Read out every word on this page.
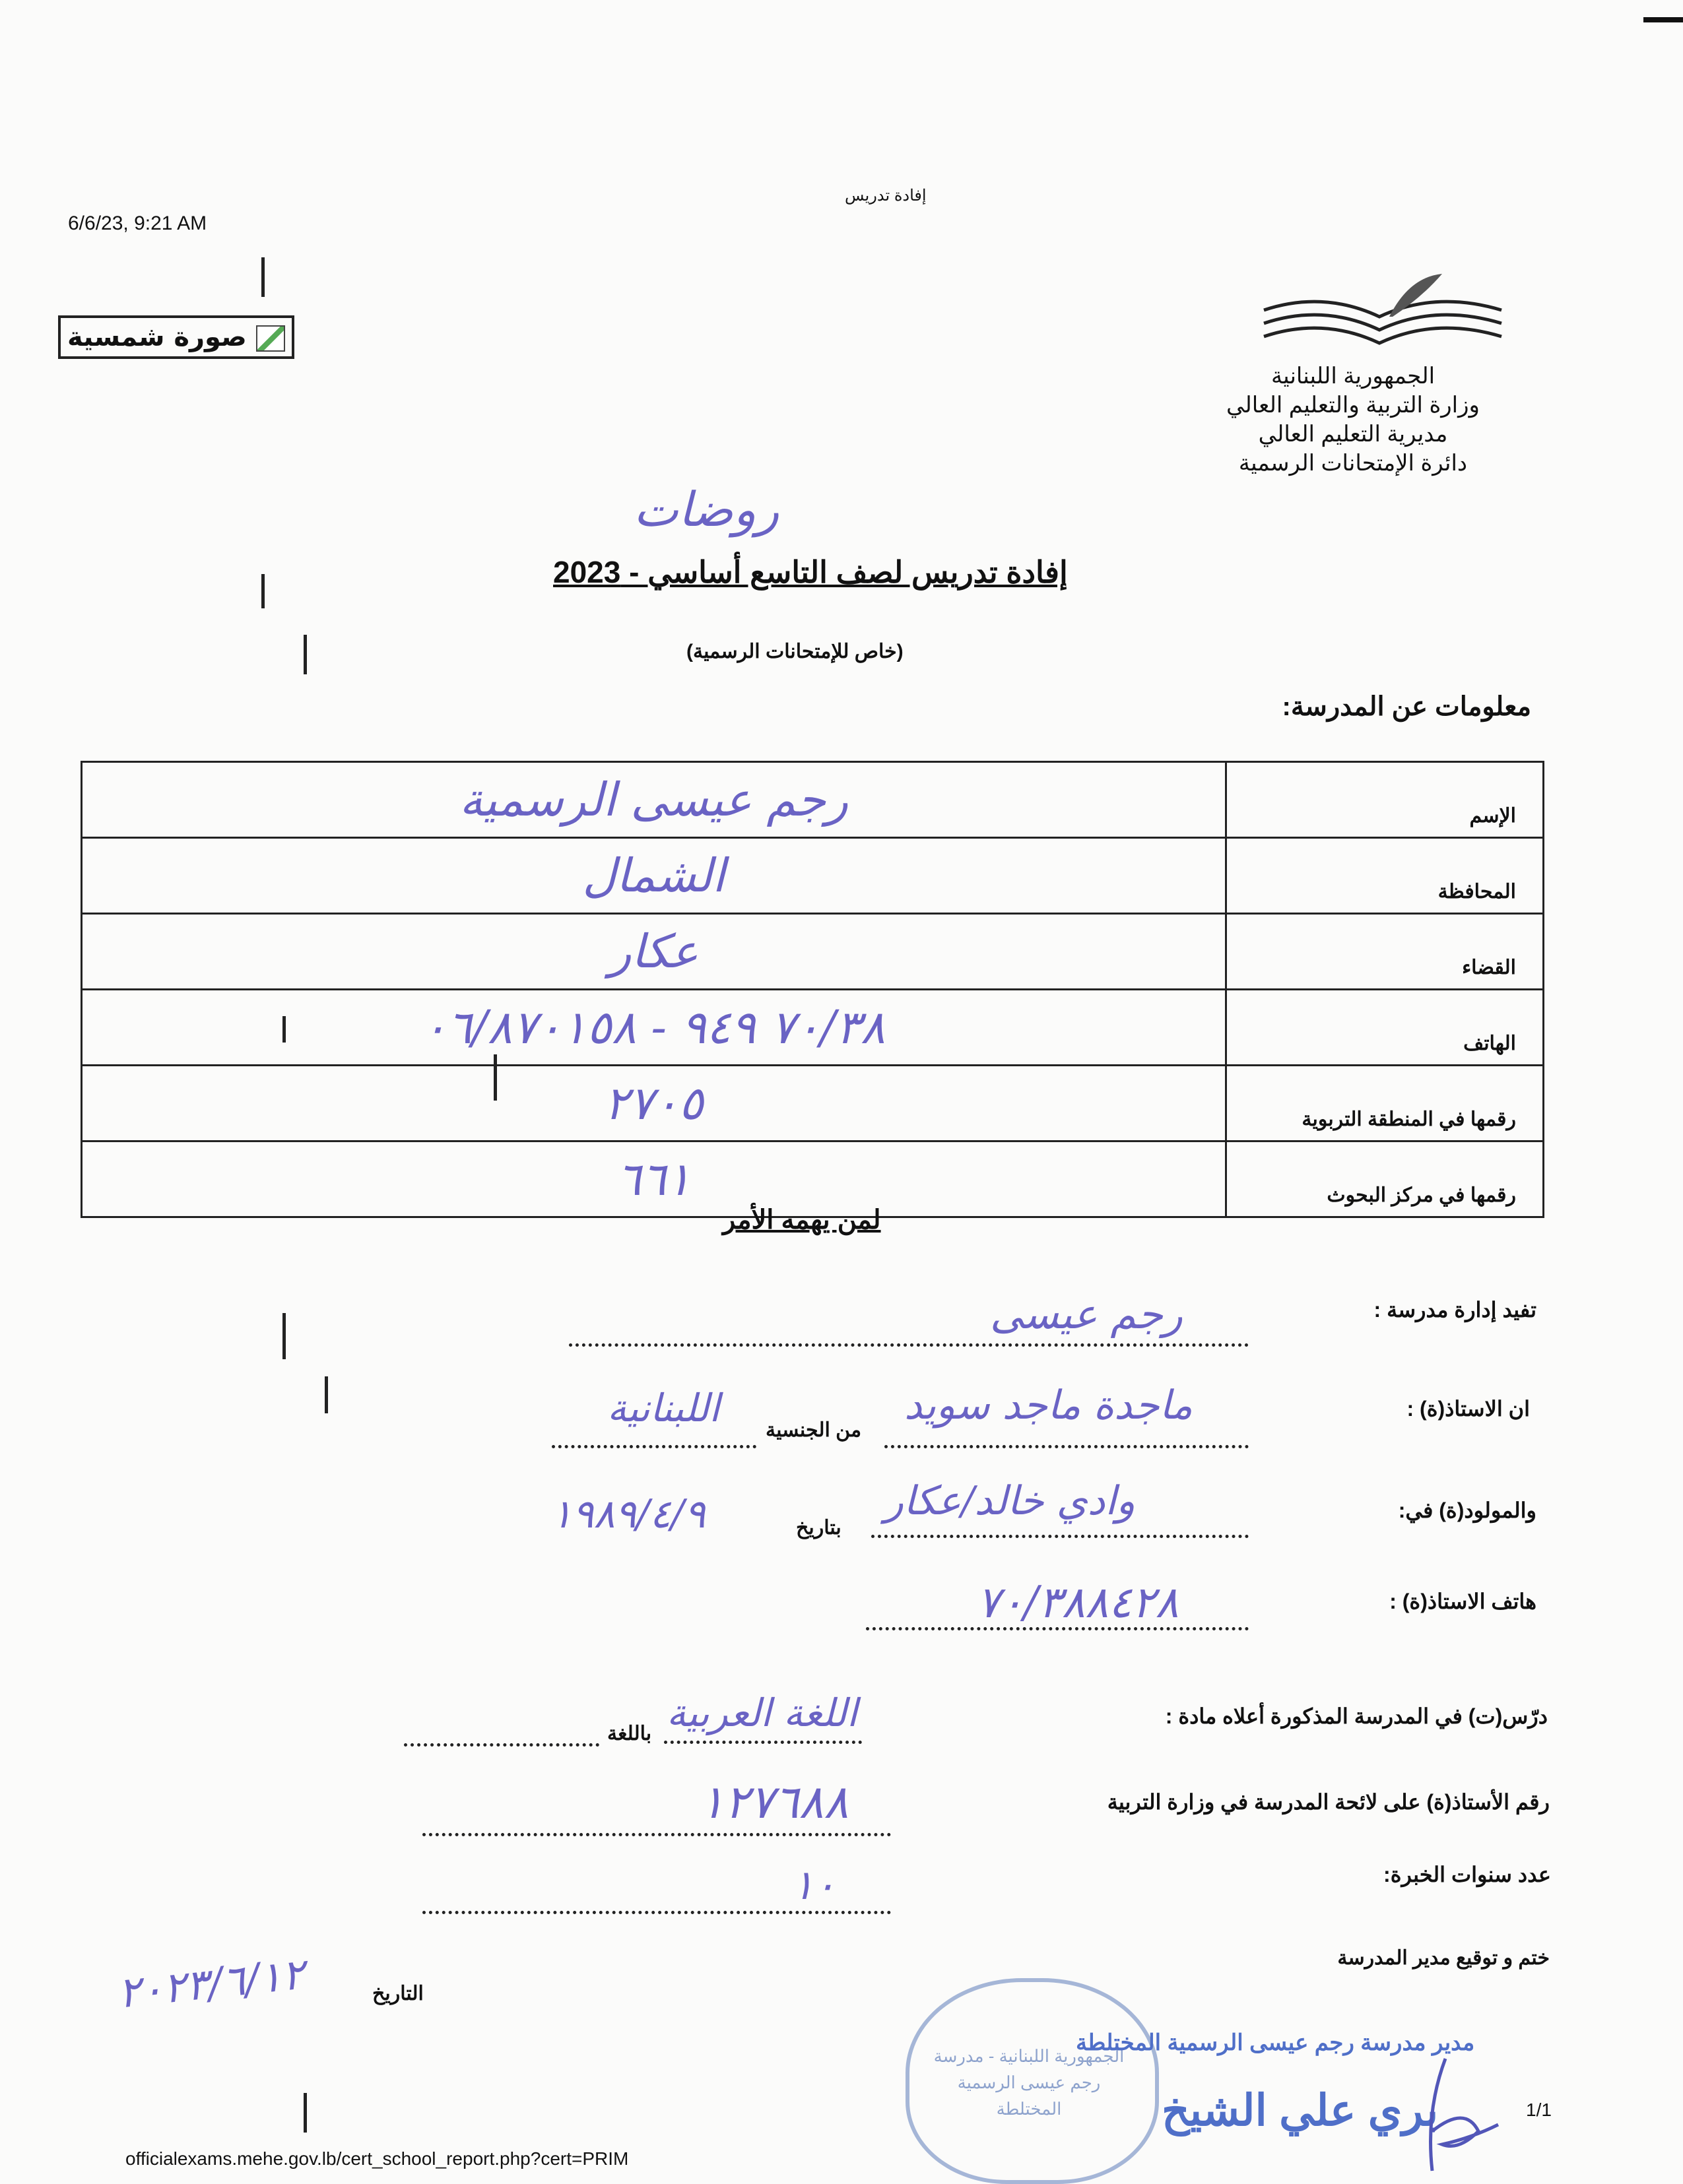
إفادة تدريس
6/6/23, 9:21 AM
صورة شمسية
الجمهورية اللبنانية
وزارة التربية والتعليم العالي
مديرية التعليم العالي
دائرة الإمتحانات الرسمية
روضات
إفادة تدريس لصف التاسع أساسي - 2023
(خاص للإمتحانات الرسمية)
معلومات عن المدرسة:
رجم عيسى الرسمية	الإسم
الشمال	المحافظة
عكار	القضاء
٧٠/٣٨ ٩٤٩ - ٠٦/٨٧٠١٥٨	الهاتف
٢٧٠٥	رقمها في المنطقة التربوية
٦٦١	رقمها في مركز البحوث
لمن يهمه الأمر
تفيد إدارة مدرسة :
رجم عيسى
ان الاستاذ(ة) :
ماجدة ماجد سويد
من الجنسية
اللبنانية
والمولود(ة) في:
وادي خالد/عكار
بتاريخ
١٩٨٩/٤/٩
هاتف الاستاذ(ة) :
٧٠/٣٨٨٤٢٨
درّس(ت) في المدرسة المذكورة أعلاه مادة :
اللغة العربية
باللغة
رقم الأستاذ(ة) على لائحة المدرسة في وزارة التربية
١٢٧٦٨٨
عدد سنوات الخبرة:
١٠
ختم و توقيع مدير المدرسة
التاريخ
٢٠٢٣/٦/١٢
الجمهورية اللبنانية - مدرسة رجم عيسى الرسمية المختلطة
مدير مدرسة رجم عيسى الرسمية المختلطة
بري علي الشيخ
officialexams.mehe.gov.lb/cert_school_report.php?cert=PRIM
1/1
